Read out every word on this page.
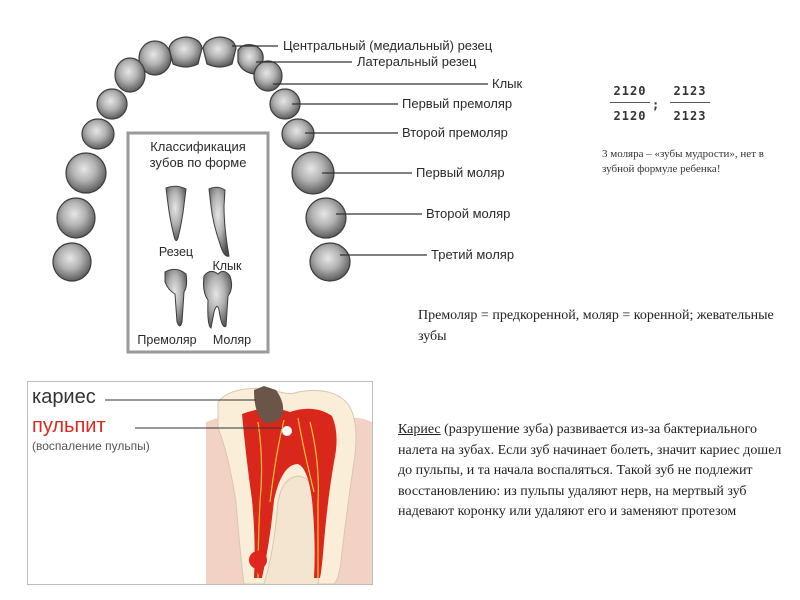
Центральный (медиальный) резец
Латеральный резец
Клык
Первый премоляр
Второй премоляр
Первый моляр
Второй моляр
Третий моляр
Классификация
зубов по форме
Резец
Клык
Премоляр Моляр
$\frac{2120}{2120}$ ; $\frac{2123}{2123}$
3 моляра – «зубы мудрости», нет в зубной формуле ребенка!
Премоляр = предкоренной, моляр = коренной; жевательные зубы
кариес
пульпит
(воспаление пульпы)
Кариес (разрушение зуба) развивается из-за бактериального налета на зубах. Если зуб начинает болеть, значит кариес дошел до пульпы, и та начала воспаляться. Такой зуб не подлежит восстановлению: из пульпы удаляют нерв, на мертвый зуб надевают коронку или удаляют его и заменяют протезом
